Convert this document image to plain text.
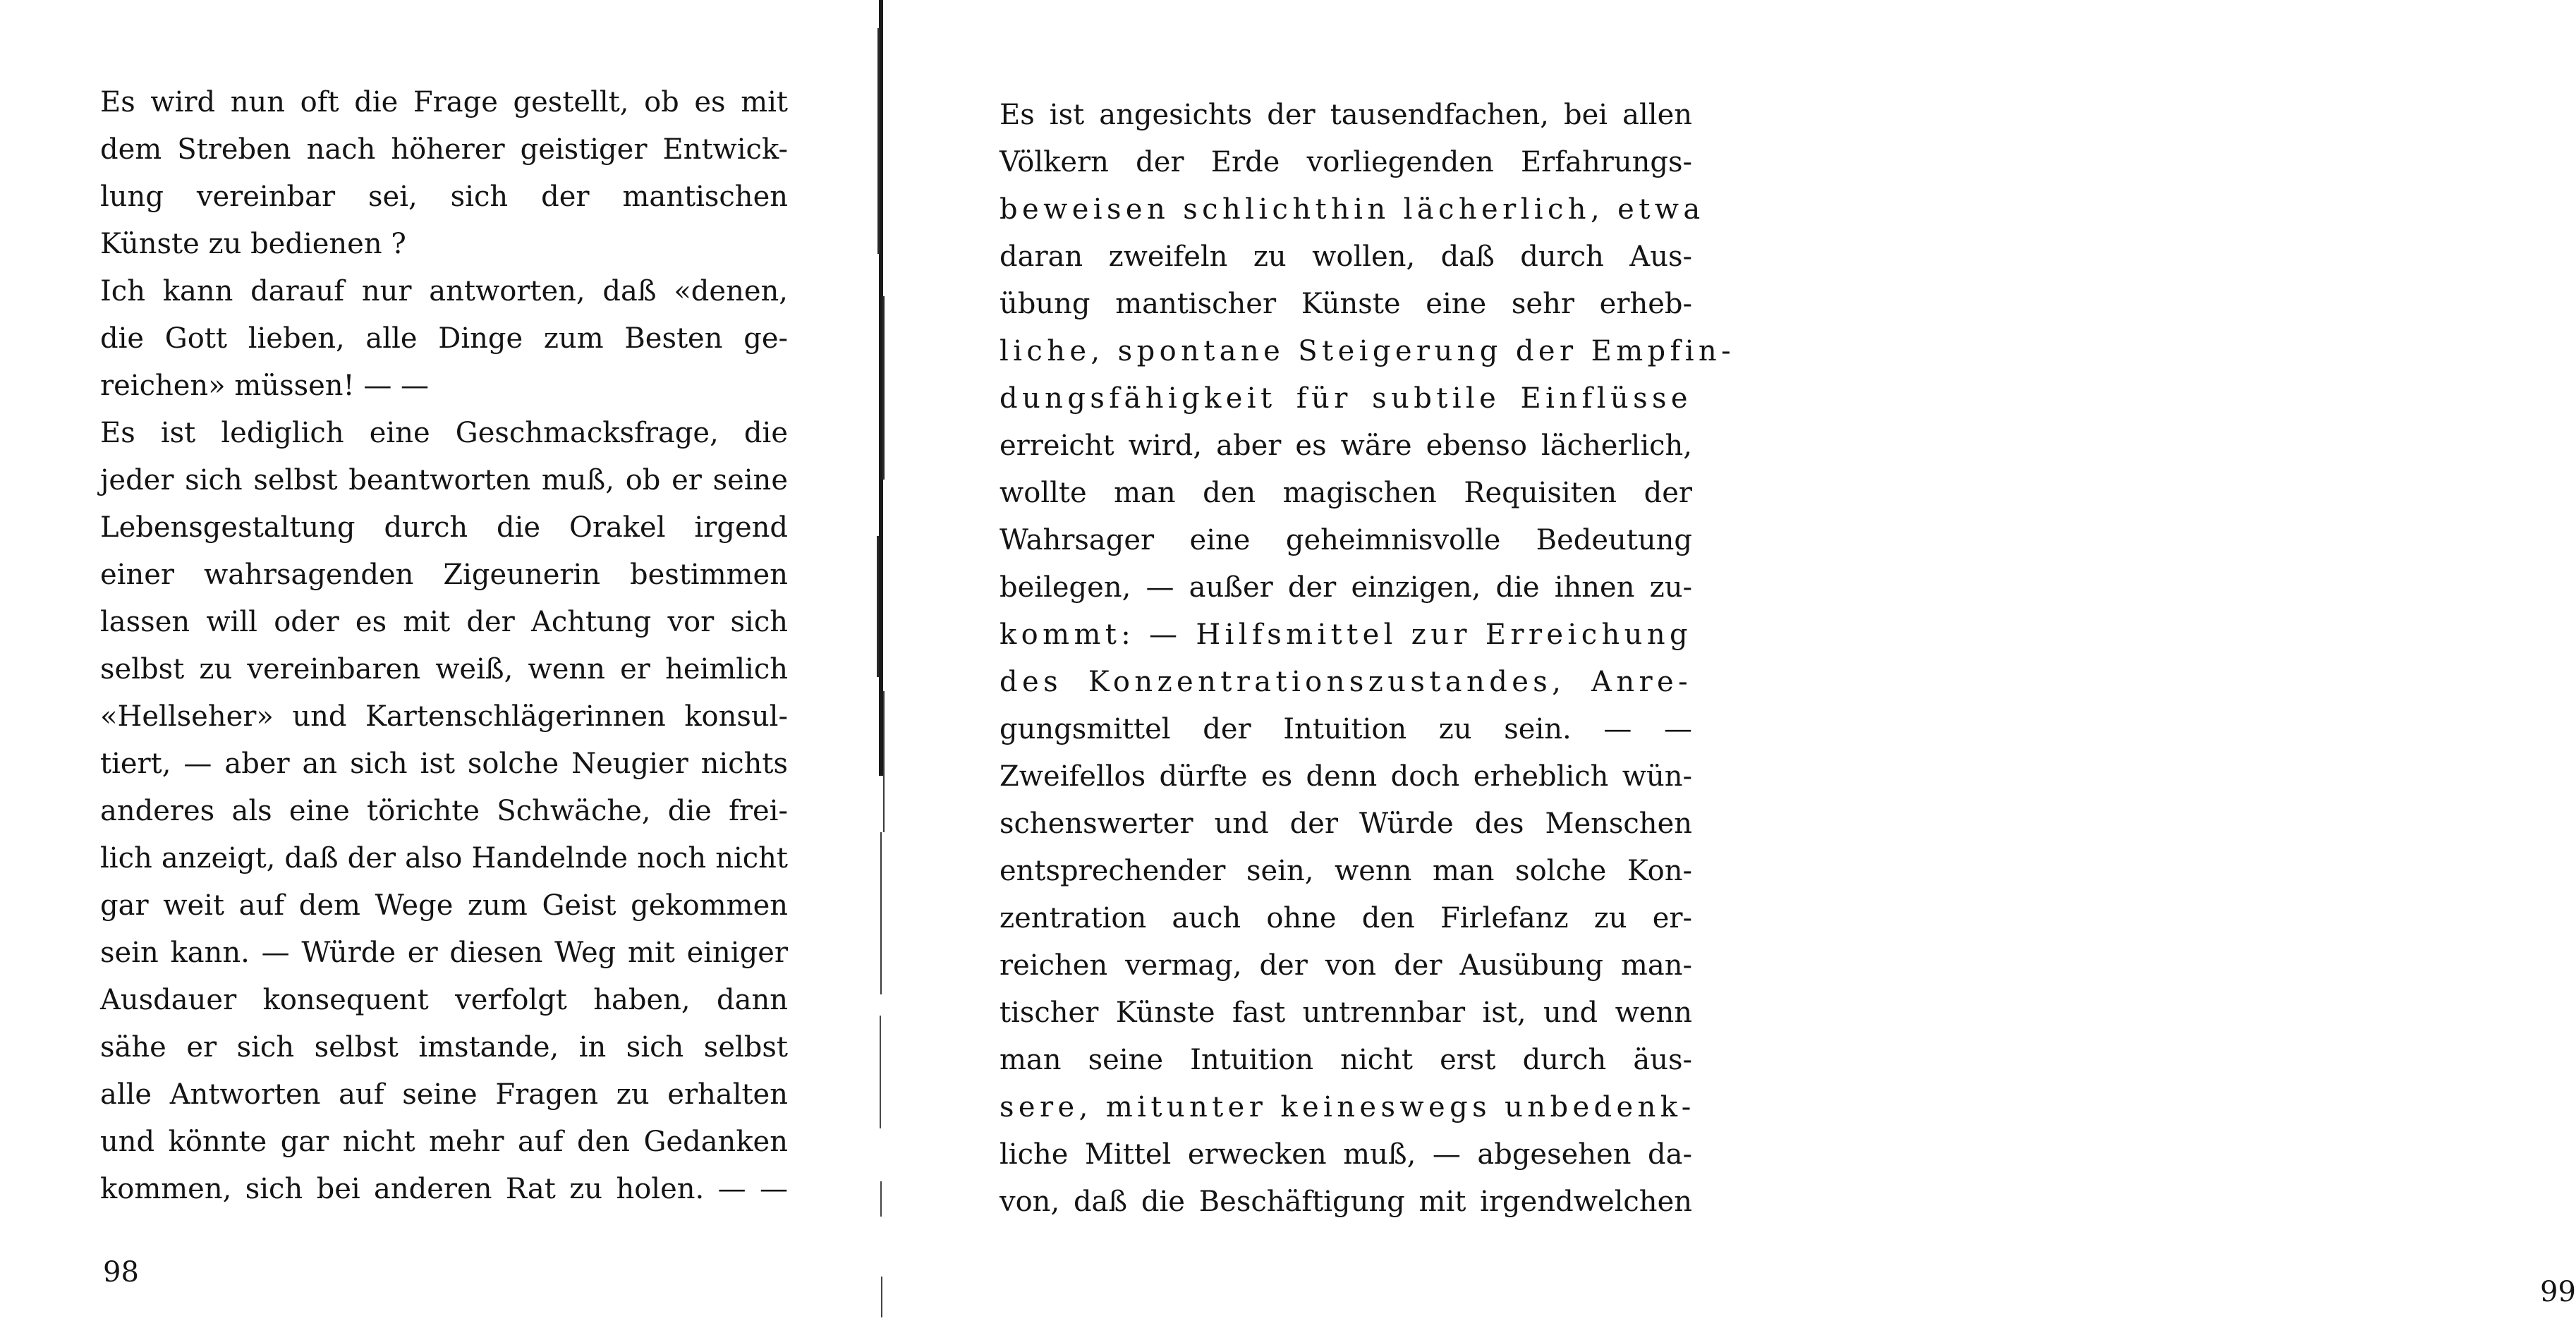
Es wird nun oft die Frage gestellt, ob es mit
dem Streben nach höherer geistiger Entwick-
lung vereinbar sei, sich der mantischen
Künste zu bedienen ?
Ich kann darauf nur antworten, daß «denen,
die Gott lieben, alle Dinge zum Besten ge-
reichen» müssen! — —
Es ist lediglich eine Geschmacksfrage, die
jeder sich selbst beantworten muß, ob er seine
Lebensgestaltung durch die Orakel irgend
einer wahrsagenden Zigeunerin bestimmen
lassen will oder es mit der Achtung vor sich
selbst zu vereinbaren weiß, wenn er heimlich
«Hellseher» und Kartenschlägerinnen konsul-
tiert, — aber an sich ist solche Neugier nichts
anderes als eine törichte Schwäche, die frei-
lich anzeigt, daß der also Handelnde noch nicht
gar weit auf dem Wege zum Geist gekommen
sein kann. — Würde er diesen Weg mit einiger
Ausdauer konsequent verfolgt haben, dann
sähe er sich selbst imstande, in sich selbst
alle Antworten auf seine Fragen zu erhalten
und könnte gar nicht mehr auf den Gedanken
kommen, sich bei anderen Rat zu holen. — —
98
Es ist angesichts der tausendfachen, bei allen
Völkern der Erde vorliegenden Erfahrungs-
beweisen schlichthin lächerlich, etwa
daran zweifeln zu wollen, daß durch Aus-
übung mantischer Künste eine sehr erheb-
liche, spontane Steigerung der Empfin-
dungsfähigkeit für subtile Einflüsse
erreicht wird, aber es wäre ebenso lächerlich,
wollte man den magischen Requisiten der
Wahrsager eine geheimnisvolle Bedeutung
beilegen, — außer der einzigen, die ihnen zu-
kommt: — Hilfsmittel zur Erreichung
des Konzentrationszustandes, Anre-
gungsmittel der Intuition zu sein. — —
Zweifellos dürfte es denn doch erheblich wün-
schenswerter und der Würde des Menschen
entsprechender sein, wenn man solche Kon-
zentration auch ohne den Firlefanz zu er-
reichen vermag, der von der Ausübung man-
tischer Künste fast untrennbar ist, und wenn
man seine Intuition nicht erst durch äus-
sere, mitunter keineswegs unbedenk-
liche Mittel erwecken muß, — abgesehen da-
von, daß die Beschäftigung mit irgendwelchen
99
